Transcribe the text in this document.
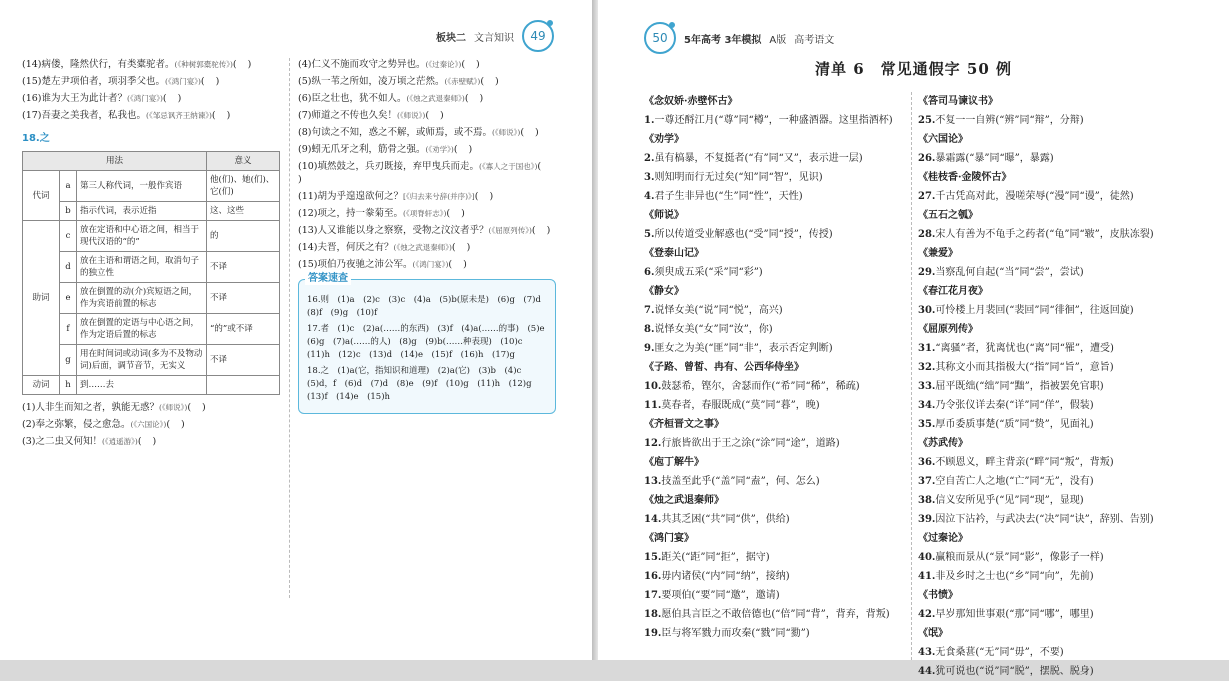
板块二 文言知识 49
(14)病偻，隆然伏行，有类橐驼者。(《种树郭橐驼传》)( )
(15)楚左尹项伯者，项羽季父也。(《鸿门宴》)( )
(16)谁为大王为此计者？(《鸿门宴》)( )
(17)吾妻之美我者，私我也。(《邹忌讽齐王纳谏》)( )
18.之
用法			意义
代词	a	第三人称代词，一般作宾语	他(们)、她(们)、它(们)
	b	指示代词，表示近指	这、这些
助词	c	放在定语和中心语之间，相当于现代汉语的“的”	的
	d	放在主语和谓语之间，取消句子的独立性	不译
	e	放在倒置的动(介)宾短语之间，作为宾语前置的标志	不译
	f	放在倒置的定语与中心语之间，作为定语后置的标志	“的”或不译
	g	用在时间词或动词(多为不及物动词)后面，调节音节，无实义	不译
动词	h	到……去	
(1)人非生而知之者，孰能无惑？(《师说》)( )
(2)奉之弥繁，侵之愈急。(《六国论》)( )
(3)之二虫又何知！(《逍遥游》)( )
(4)仁义不施而攻守之势异也。(《过秦论》)( )
(5)纵一苇之所如，凌万顷之茫然。(《赤壁赋》)( )
(6)臣之壮也，犹不如人。(《烛之武退秦师》)( )
(7)师道之不传也久矣！(《师说》)( )
(8)句读之不知，惑之不解，或师焉，或不焉。(《师说》)( )
(9)蚓无爪牙之利，筋骨之强。(《劝学》)( )
(10)填然鼓之，兵刃既接，弃甲曳兵而走。(《寡人之于国也》)( )
(11)胡为乎遑遑欲何之？[《归去来兮辞(并序)》]( )
(12)项之，持一豢菊至。(《项脊轩志》)( )
(13)人又谁能以身之察察，受物之汶汶者乎？(《屈原列传》)( )
(14)夫晋，何厌之有？(《烛之武退秦师》)( )
(15)项伯乃夜驰之沛公军。(《鸿门宴》)( )
答案速查
16.则　(1)a　(2)c　(3)c　(4)a　(5)b(原未是)　(6)g　(7)d　(8)f　(9)g　(10)f
17.者　(1)c　(2)a(……的东西)　(3)f　(4)a(……的事)　(5)e　(6)g　(7)a(……的人)　(8)g　(9)b(……种表现)　(10)c　(11)h　(12)c　(13)d　(14)e　(15)f　(16)h　(17)g
18.之　(1)a(它，指知识和道理)　(2)a(它)　(3)b　(4)c　(5)d，f　(6)d　(7)d　(8)e　(9)f　(10)g　(11)h　(12)g　(13)f　(14)e　(15)h
50 5年高考 3年模拟 A版 高考语文
清单 6　常见通假字 50 例
《念奴娇·赤壁怀古》
1.一尊还酹江月(“尊”同“樽”，一种盛酒器。这里指酒杯)
《劝学》
2.虽有槁暴，不复挺者(“有”同“又”，表示进一层)
3.则知明而行无过矣(“知”同“智”，见识)
4.君子生非异也(“生”同“性”，天性)
《师说》
5.所以传道受业解惑也(“受”同“授”，传授)
《登泰山记》
6.须臾成五采(“采”同“彩”)
《静女》
7.说怿女美(“说”同“悦”，高兴)
8.说怿女美(“女”同“汝”，你)
9.匪女之为美(“匪”同“非”，表示否定判断)
《子路、曾皙、冉有、公西华侍坐》
10.鼓瑟希，铿尔，舍瑟而作(“希”同“稀”，稀疏)
11.莫春者，春服既成(“莫”同“暮”，晚)
《齐桓晋文之事》
12.行旅皆欲出于王之涂(“涂”同“途”，道路)
《庖丁解牛》
13.技盖至此乎(“盖”同“盍”，何、怎么)
《烛之武退秦师》
14.共其乏困(“共”同“供”，供给)
《鸿门宴》
15.距关(“距”同“拒”，据守)
16.毋内诸侯(“内”同“纳”，接纳)
17.要项伯(“要”同“邀”，邀请)
18.愿伯具言臣之不敢倍德也(“倍”同“背”，背弃，背叛)
19.臣与将军戮力而攻秦(“戮”同“勠”)
《答司马谏议书》
25.不复一一自辨(“辨”同“辩”，分辩)
《六国论》
26.暴霜露(“暴”同“曝”，暴露)
《桂枝香·金陵怀古》
27.千古凭高对此，漫嗟荣辱(“漫”同“谩”，徒然)
《五石之瓠》
28.宋人有善为不龟手之药者(“龟”同“皲”，皮肤冻裂)
《兼爱》
29.当察乱何自起(“当”同“尝”，尝试)
《春江花月夜》
30.可怜楼上月裴回(“裴回”同“徘徊”，往返回旋)
《屈原列传》
31.“离骚”者，犹离忧也(“离”同“罹”，遭受)
32.其称文小而其指极大(“指”同“旨”，意旨)
33.屈平既绌(“绌”同“黜”，指被罢免官职)
34.乃令张仪详去秦(“详”同“佯”，假装)
35.厚币委质事楚(“质”同“贽”，见面礼)
《苏武传》
36.不顾恩义，畔主背亲(“畔”同“叛”，背叛)
37.空自苦亡人之地(“亡”同“无”，没有)
38.信义安所见乎(“见”同“现”，显现)
39.因泣下沾衿，与武决去(“决”同“诀”，辞别、告别)
《过秦论》
40.赢粮而景从(“景”同“影”，像影子一样)
41.非及乡时之士也(“乡”同“向”，先前)
《书愤》
42.早岁那知世事艰(“那”同“哪”，哪里)
《氓》
43.无食桑葚(“无”同“毋”，不要)
44.犹可说也(“说”同“脱”，摆脱、脱身)
